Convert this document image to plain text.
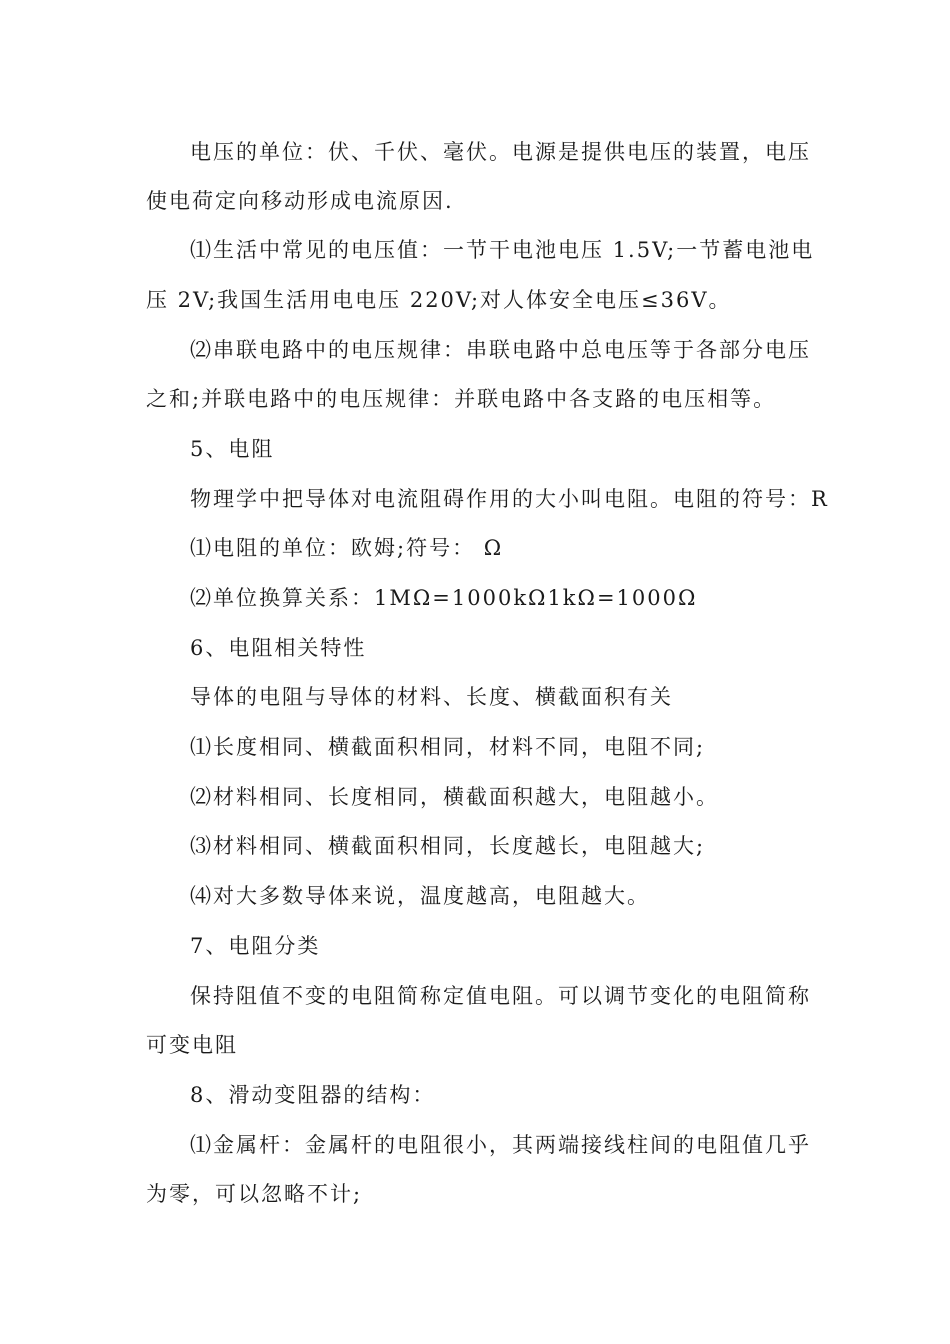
电压的单位：伏、千伏、毫伏。电源是提供电压的装置，电压
使电荷定向移动形成电流原因.
⑴生活中常见的电压值：一节干电池电压 1.5V;一节蓄电池电
压 2V;我国生活用电电压 220V;对人体安全电压≤36V。
⑵串联电路中的电压规律：串联电路中总电压等于各部分电压
之和;并联电路中的电压规律：并联电路中各支路的电压相等。
5、电阻
物理学中把导体对电流阻碍作用的大小叫电阻。电阻的符号：R
⑴电阻的单位：欧姆;符号： Ω
⑵单位换算关系：1MΩ=1000kΩ1kΩ=1000Ω
6、电阻相关特性
导体的电阻与导体的材料、长度、横截面积有关
⑴长度相同、横截面积相同，材料不同，电阻不同;
⑵材料相同、长度相同，横截面积越大，电阻越小。
⑶材料相同、横截面积相同，长度越长，电阻越大;
⑷对大多数导体来说，温度越高，电阻越大。
7、电阻分类
保持阻值不变的电阻简称定值电阻。可以调节变化的电阻简称
可变电阻
8、滑动变阻器的结构：
⑴金属杆：金属杆的电阻很小，其两端接线柱间的电阻值几乎
为零，可以忽略不计;
